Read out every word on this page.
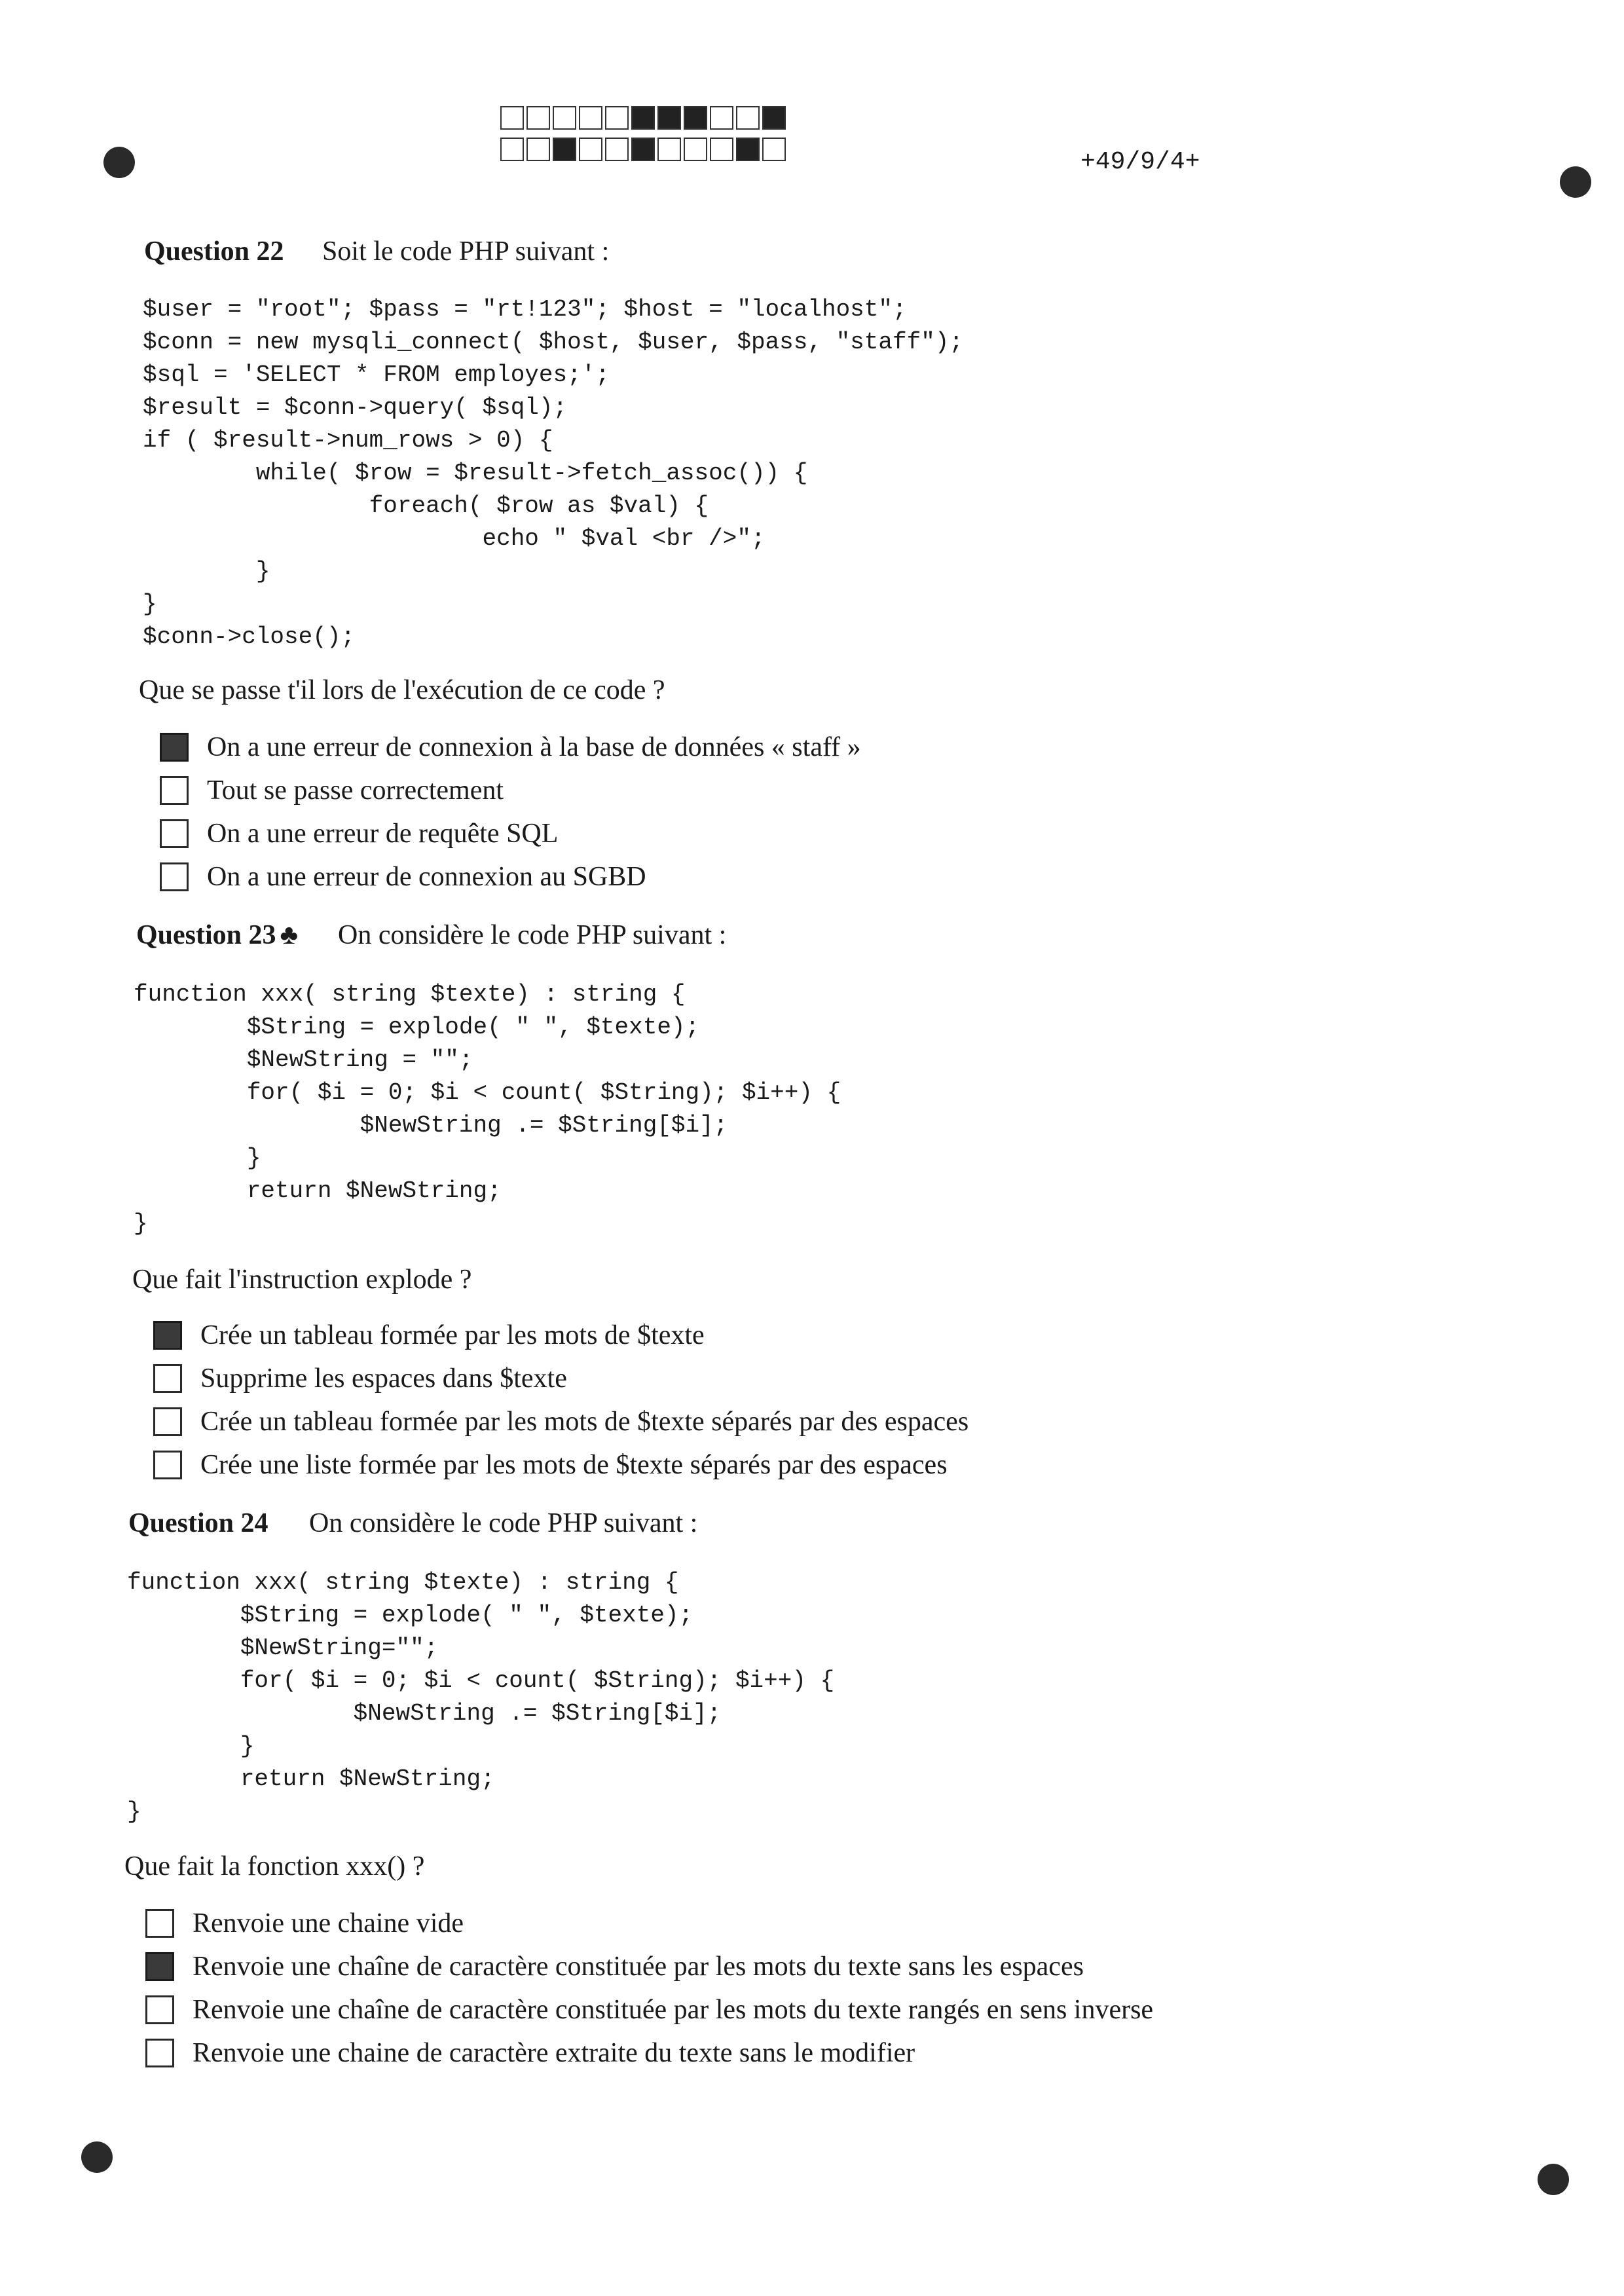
+49/9/4+
Question 22 Soit le code PHP suivant :
$user = "root"; $pass = "rt!123"; $host = "localhost";
$conn = new mysqli_connect( $host, $user, $pass, "staff");
$sql = 'SELECT * FROM employes;';
$result = $conn->query( $sql);
if ( $result->num_rows > 0) {
while( $row = $result->fetch_assoc()) {
foreach( $row as $val) {
echo " $val <br />";
}
}
$conn->close();
Que se passe t'il lors de l'exécution de ce code ?
On a une erreur de connexion à la base de données « staff »
Tout se passe correctement
On a une erreur de requête SQL
On a une erreur de connexion au SGBD
Question 23 ♣ On considère le code PHP suivant :
function xxx( string $texte) : string {
$String = explode( " ", $texte);
$NewString = "";
for( $i = 0; $i < count( $String); $i++) {
$NewString .= $String[$i];
}
return $NewString;
}
Que fait l'instruction explode ?
Crée un tableau formée par les mots de $texte
Supprime les espaces dans $texte
Crée un tableau formée par les mots de $texte séparés par des espaces
Crée une liste formée par les mots de $texte séparés par des espaces
Question 24 On considère le code PHP suivant :
function xxx( string $texte) : string {
$String = explode( " ", $texte);
$NewString="";
for( $i = 0; $i < count( $String); $i++) {
$NewString .= $String[$i];
}
return $NewString;
}
Que fait la fonction xxx() ?
Renvoie une chaine vide
Renvoie une chaîne de caractère constituée par les mots du texte sans les espaces
Renvoie une chaîne de caractère constituée par les mots du texte rangés en sens inverse
Renvoie une chaine de caractère extraite du texte sans le modifier
